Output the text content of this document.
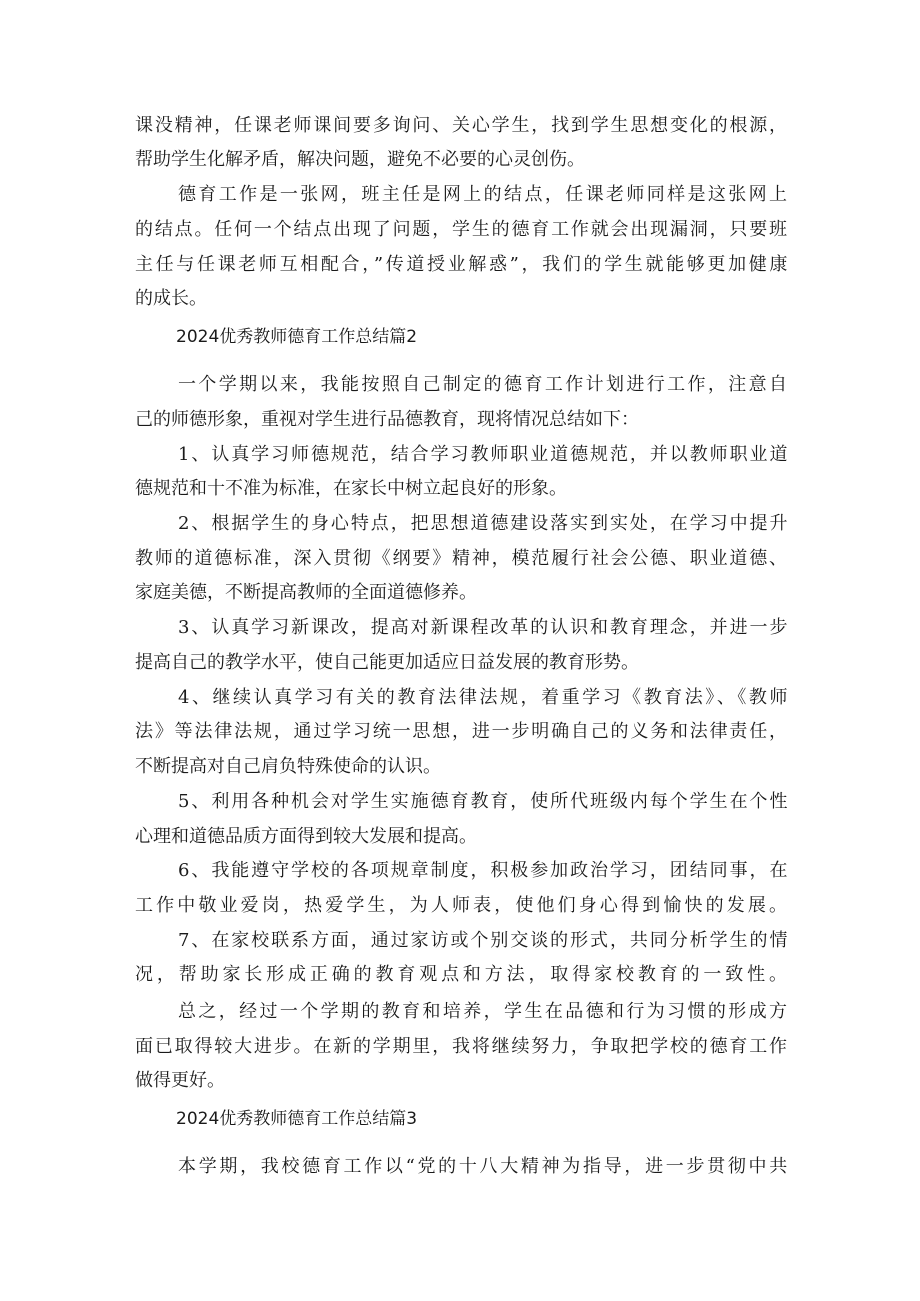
课没精神，任课老师课间要多询问、关心学生，找到学生思想变化的根源，
帮助学生化解矛盾，解决问题，避免不必要的心灵创伤。
德育工作是一张网，班主任是网上的结点，任课老师同样是这张网上
的结点。任何一个结点出现了问题，学生的德育工作就会出现漏洞，只要班
主任与任课老师互相配合，”传道授业解惑”，我们的学生就能够更加健康
的成长。
2024优秀教师德育工作总结篇2
一个学期以来，我能按照自己制定的德育工作计划进行工作，注意自
己的师德形象，重视对学生进行品德教育，现将情况总结如下：
1、认真学习师德规范，结合学习教师职业道德规范，并以教师职业道
德规范和十不准为标准，在家长中树立起良好的形象。
2、根据学生的身心特点，把思想道德建设落实到实处，在学习中提升
教师的道德标准，深入贯彻《纲要》精神，模范履行社会公德、职业道德、
家庭美德，不断提高教师的全面道德修养。
3、认真学习新课改，提高对新课程改革的认识和教育理念，并进一步
提高自己的教学水平，使自己能更加适应日益发展的教育形势。
4、继续认真学习有关的教育法律法规，着重学习《教育法》、《教师
法》等法律法规，通过学习统一思想，进一步明确自己的义务和法律责任，
不断提高对自己肩负特殊使命的认识。
5、利用各种机会对学生实施德育教育，使所代班级内每个学生在个性
心理和道德品质方面得到较大发展和提高。
6、我能遵守学校的各项规章制度，积极参加政治学习，团结同事，在
工作中敬业爱岗，热爱学生，为人师表，使他们身心得到愉快的发展。
7、在家校联系方面，通过家访或个别交谈的形式，共同分析学生的情
况，帮助家长形成正确的教育观点和方法，取得家校教育的一致性。
总之，经过一个学期的教育和培养，学生在品德和行为习惯的形成方
面已取得较大进步。在新的学期里，我将继续努力，争取把学校的德育工作
做得更好。
2024优秀教师德育工作总结篇3
本学期，我校德育工作以“党的十八大精神为指导，进一步贯彻中共
